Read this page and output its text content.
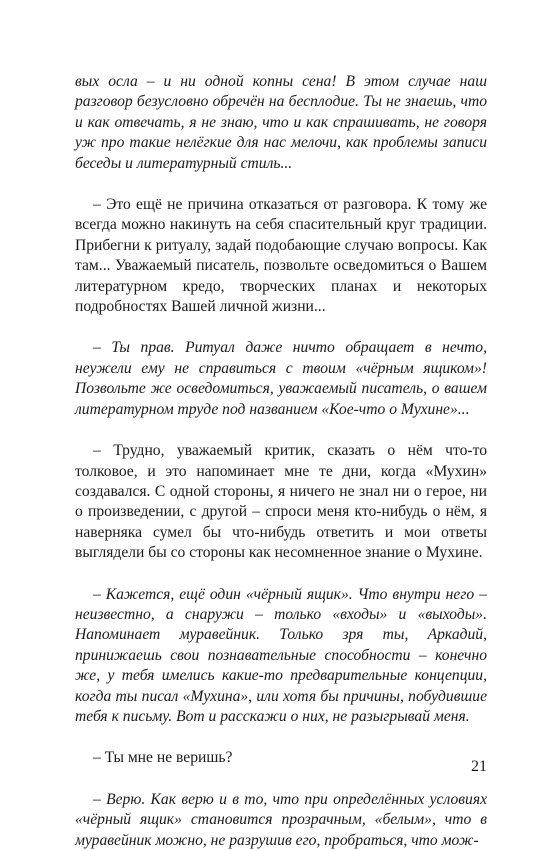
вых осла – и ни одной копны сена! В этом случае наш разговор безусловно обречён на бесплодие. Ты не знаешь, что и как отвечать, я не знаю, что и как спрашивать, не говоря уж про такие нелёгкие для нас мелочи, как проблемы записи беседы и литературный стиль...

– Это ещё не причина отказаться от разговора. К тому же всегда можно накинуть на себя спасительный круг традиции. Прибегни к ритуалу, задай подобающие случаю вопросы. Как там... Уважаемый писатель, позвольте осведомиться о Вашем литературном кредо, творческих планах и некоторых подробностях Вашей личной жизни...

– Ты прав. Ритуал даже ничто обращает в нечто, неужели ему не справиться с твоим «чёрным ящиком»! Позвольте же осведомиться, уважаемый писатель, о вашем литературном труде под названием «Кое-что о Мухине»...

– Трудно, уважаемый критик, сказать о нём что-то толковое, и это напоминает мне те дни, когда «Мухин» создавался. С одной стороны, я ничего не знал ни о герое, ни о произведении, с другой – спроси меня кто-нибудь о нём, я наверняка сумел бы что-нибудь ответить и мои ответы выглядели бы со стороны как несомненное знание о Мухине.

– Кажется, ещё один «чёрный ящик». Что внутри него – неизвестно, а снаружи – только «входы» и «выходы». Напоминает муравейник. Только зря ты, Аркадий, принижаешь свои познавательные способности – конечно же, у тебя имелись какие-то предварительные концепции, когда ты писал «Мухина», или хотя бы причины, побудившие тебя к письму. Вот и расскажи о них, не разыгрывай меня.

– Ты мне не веришь?

– Верю. Как верю и в то, что при определённых условиях «чёрный ящик» становится прозрачным, «белым», что в муравейник можно, не разрушив его, пробраться, что мож-

21
